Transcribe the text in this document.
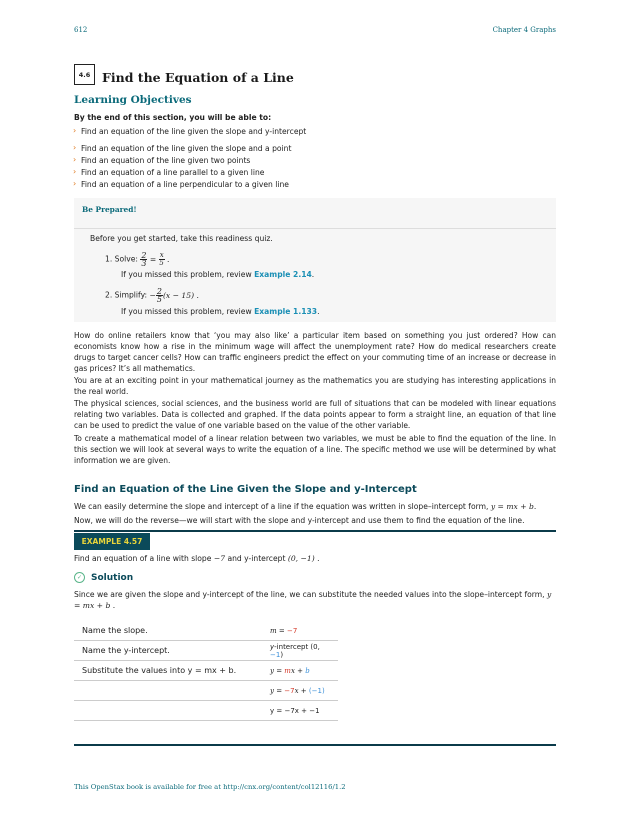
612	Chapter 4 Graphs
4.6 Find the Equation of a Line
Learning Objectives
By the end of this section, you will be able to:
› Find an equation of the line given the slope and y-intercept
› Find an equation of the line given the slope and a point
› Find an equation of the line given two points
› Find an equation of a line parallel to a given line
› Find an equation of a line perpendicular to a given line
Be Prepared!
Before you get started, take this readiness quiz.
1. Solve: $\frac{2}{3} = \frac{x}{5}$ .
If you missed this problem, review Example 2.14.
2. Simplify: − $\frac{2}{5} (x - 15)$ .
If you missed this problem, review Example 1.133.
How do online retailers know that ‘you may also like’ a particular item based on something you just ordered? How can economists know how a rise in the minimum wage will affect the unemployment rate? How do medical researchers create drugs to target cancer cells? How can traffic engineers predict the effect on your commuting time of an increase or decrease in gas prices? It’s all mathematics.
You are at an exciting point in your mathematical journey as the mathematics you are studying has interesting applications in the real world.
The physical sciences, social sciences, and the business world are full of situations that can be modeled with linear equations relating two variables. Data is collected and graphed. If the data points appear to form a straight line, an equation of that line can be used to predict the value of one variable based on the value of the other variable.
To create a mathematical model of a linear relation between two variables, we must be able to find the equation of the line. In this section we will look at several ways to write the equation of a line. The specific method we use will be determined by what information we are given.
Find an Equation of the Line Given the Slope and y-Intercept
We can easily determine the slope and intercept of a line if the equation was written in slope–intercept form, y = mx + b.
Now, we will do the reverse—we will start with the slope and y-intercept and use them to find the equation of the line.
EXAMPLE 4.57
Find an equation of a line with slope −7 and y-intercept (0, −1) .
✓ Solution
Since we are given the slope and y-intercept of the line, we can substitute the needed values into the slope–intercept form, y = mx + b .
Name the slope.	m = −7
Name the y-intercept.	y-intercept (0, −1)
Substitute the values into y = mx + b.	y = mx + b
	y = −7x + (−1)
	y = −7x + −1
This OpenStax book is available for free at http://cnx.org/content/col12116/1.2
